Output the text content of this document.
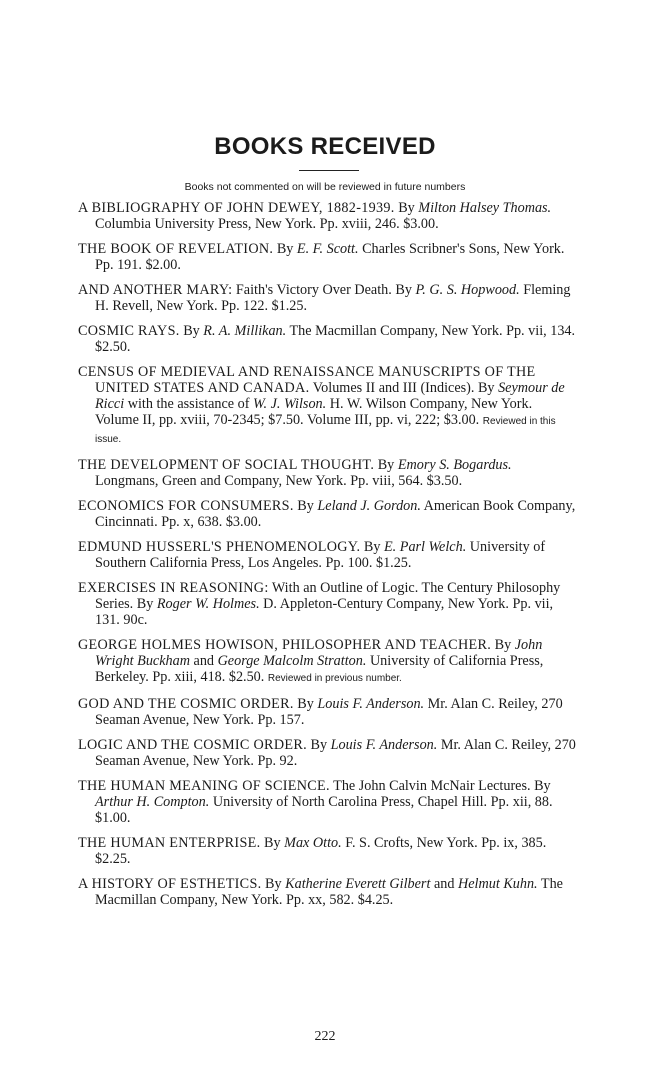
BOOKS RECEIVED
Books not commented on will be reviewed in future numbers
A BIBLIOGRAPHY OF JOHN DEWEY, 1882-1939. By Milton Halsey Thomas. Columbia University Press, New York. Pp. xviii, 246. $3.00.
THE BOOK OF REVELATION. By E. F. Scott. Charles Scribner's Sons, New York. Pp. 191. $2.00.
AND ANOTHER MARY: Faith's Victory Over Death. By P. G. S. Hopwood. Fleming H. Revell, New York. Pp. 122. $1.25.
COSMIC RAYS. By R. A. Millikan. The Macmillan Company, New York. Pp. vii, 134. $2.50.
CENSUS OF MEDIEVAL AND RENAISSANCE MANUSCRIPTS OF THE UNITED STATES AND CANADA. Volumes II and III (Indices). By Seymour de Ricci with the assistance of W. J. Wilson. H. W. Wilson Company, New York. Volume II, pp. xviii, 70-2345; $7.50. Volume III, pp. vi, 222; $3.00. Reviewed in this issue.
THE DEVELOPMENT OF SOCIAL THOUGHT. By Emory S. Bogardus. Longmans, Green and Company, New York. Pp. viii, 564. $3.50.
ECONOMICS FOR CONSUMERS. By Leland J. Gordon. American Book Company, Cincinnati. Pp. x, 638. $3.00.
EDMUND HUSSERL'S PHENOMENOLOGY. By E. Parl Welch. University of Southern California Press, Los Angeles. Pp. 100. $1.25.
EXERCISES IN REASONING: With an Outline of Logic. The Century Philosophy Series. By Roger W. Holmes. D. Appleton-Century Company, New York. Pp. vii, 131. 90c.
GEORGE HOLMES HOWISON, PHILOSOPHER AND TEACHER. By John Wright Buckham and George Malcolm Stratton. University of California Press, Berkeley. Pp. xiii, 418. $2.50. Reviewed in previous number.
GOD AND THE COSMIC ORDER. By Louis F. Anderson. Mr. Alan C. Reiley, 270 Seaman Avenue, New York. Pp. 157.
LOGIC AND THE COSMIC ORDER. By Louis F. Anderson. Mr. Alan C. Reiley, 270 Seaman Avenue, New York. Pp. 92.
THE HUMAN MEANING OF SCIENCE. The John Calvin McNair Lectures. By Arthur H. Compton. University of North Carolina Press, Chapel Hill. Pp. xii, 88. $1.00.
THE HUMAN ENTERPRISE. By Max Otto. F. S. Crofts, New York. Pp. ix, 385. $2.25.
A HISTORY OF ESTHETICS. By Katherine Everett Gilbert and Helmut Kuhn. The Macmillan Company, New York. Pp. xx, 582. $4.25.
222
